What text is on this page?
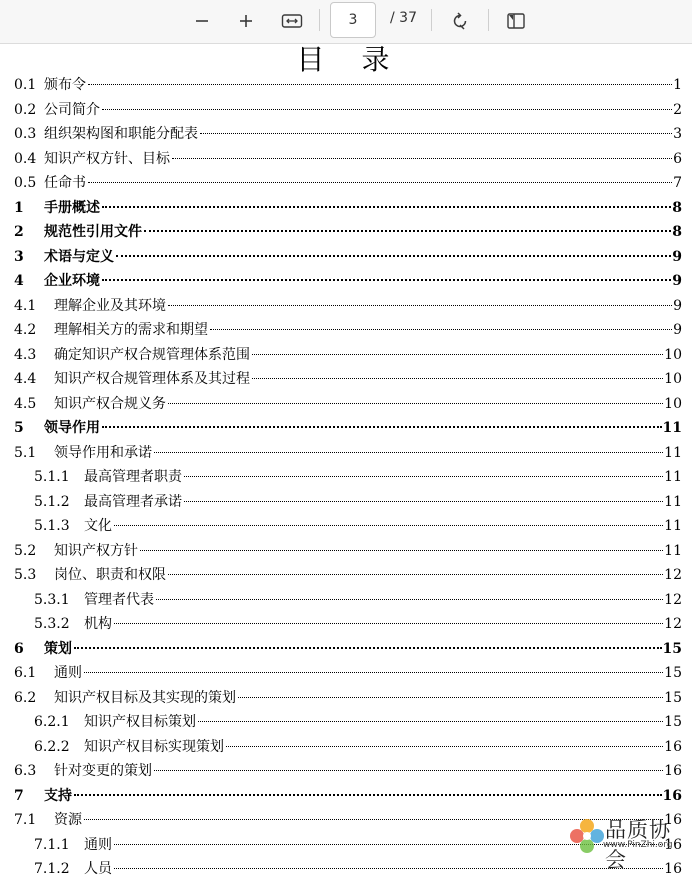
3
/ 37
目 录
0.1 颁布令	1
0.2 公司简介	2
0.3 组织架构图和职能分配表	3
0.4 知识产权方针、目标	6
0.5 任命书	7
1 手册概述	8
2 规范性引用文件	8
3 术语与定义	9
4 企业环境	9
4.1 理解企业及其环境	9
4.2 理解相关方的需求和期望	9
4.3 确定知识产权合规管理体系范围	10
4.4 知识产权合规管理体系及其过程	10
4.5 知识产权合规义务	10
5 领导作用	11
5.1 领导作用和承诺	11
5.1.1 最高管理者职责	11
5.1.2 最高管理者承诺	11
5.1.3 文化	11
5.2 知识产权方针	11
5.3 岗位、职责和权限	12
5.3.1 管理者代表	12
5.3.2 机构	12
6 策划	15
6.1 通则	15
6.2 知识产权目标及其实现的策划	15
6.2.1 知识产权目标策划	15
6.2.2 知识产权目标实现策划	16
6.3 针对变更的策划	16
7 支持	16
7.1 资源	16
7.1.1 通则	16
7.1.2 人员	16
品质协会
www.PinZhi.org
